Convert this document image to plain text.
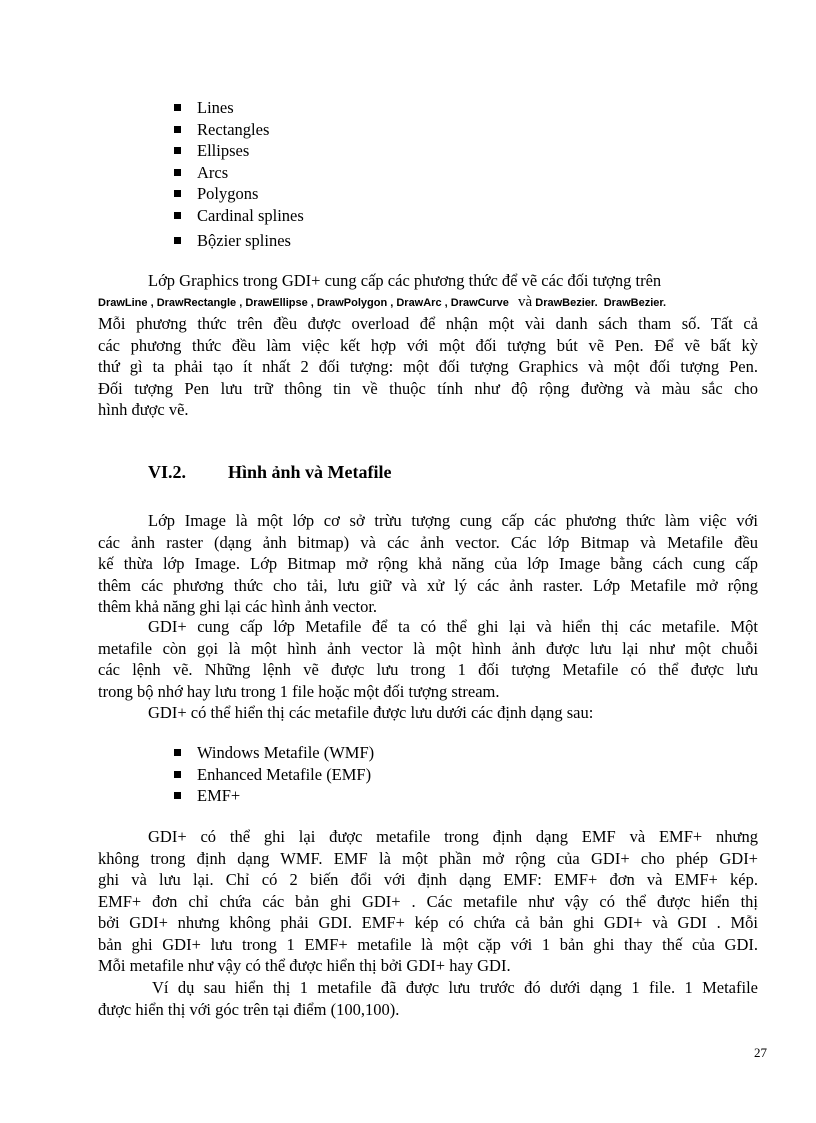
Lines
Rectangles
Ellipses
Arcs
Polygons
Cardinal splines
Bộzier splines
Lớp Graphics trong GDI+ cung cấp các phương thức để vẽ các đối tượng trên
DrawLine , DrawRectangle , DrawEllipse , DrawPolygon , DrawArc , DrawCurve và DrawBezier.  DrawBezier.
Mỗi phương thức trên đều được overload để nhận một vài danh sách tham số. Tất cả
các phương thức đều làm việc kết hợp với một đối tượng bút vẽ Pen. Để vẽ bất kỳ
thứ gì ta phải tạo ít nhất 2 đối tượng: một đối tượng Graphics và một đối tượng Pen.
Đối tượng Pen lưu trữ thông tin về thuộc tính như độ rộng đường và màu sắc cho
hình được vẽ.
VI.2. Hình ảnh và Metafile
Lớp Image là một lớp cơ sở trừu tượng cung cấp các phương thức làm việc với
các ảnh raster (dạng ảnh bitmap) và các ảnh vector. Các lớp Bitmap và Metafile đều
kế thừa lớp Image. Lớp Bitmap mở rộng khả năng của lớp Image bằng cách cung cấp
thêm các phương thức cho tải, lưu giữ và xử lý các ảnh raster. Lớp Metafile mở rộng
thêm khả năng ghi lại các hình ảnh vector.
GDI+ cung cấp lớp Metafile để ta có thể ghi lại và hiển thị các metafile. Một
metafile còn gọi là một hình ảnh vector là một hình ảnh được lưu lại như một chuỗi
các lệnh vẽ. Những lệnh vẽ được lưu trong 1 đối tượng Metafile có thể được lưu
trong bộ nhớ hay lưu trong 1 file hoặc một đối tượng stream.
GDI+ có thể hiển thị các metafile được lưu dưới các định dạng sau:
Windows Metafile (WMF)
Enhanced Metafile (EMF)
EMF+
GDI+ có thể ghi lại được metafile trong định dạng EMF và EMF+ nhưng
không trong định dạng WMF. EMF là một phần mở rộng của GDI+ cho phép GDI+
ghi và lưu lại. Chỉ có 2 biến đổi với định dạng EMF: EMF+ đơn và EMF+ kép.
EMF+ đơn chỉ chứa các bản ghi GDI+ . Các metafile như vậy có thể được hiển thị
bởi GDI+ nhưng không phải GDI. EMF+ kép có chứa cả bản ghi GDI+ và GDI . Mỗi
bản ghi GDI+ lưu trong 1 EMF+ metafile là một cặp với 1 bản ghi thay thế của GDI.
Mỗi metafile như vậy có thể được hiển thị bởi GDI+ hay GDI.
Ví dụ sau hiển thị 1 metafile đã được lưu trước đó dưới dạng 1 file. 1 Metafile
được hiển thị với góc trên tại điểm (100,100).
27
